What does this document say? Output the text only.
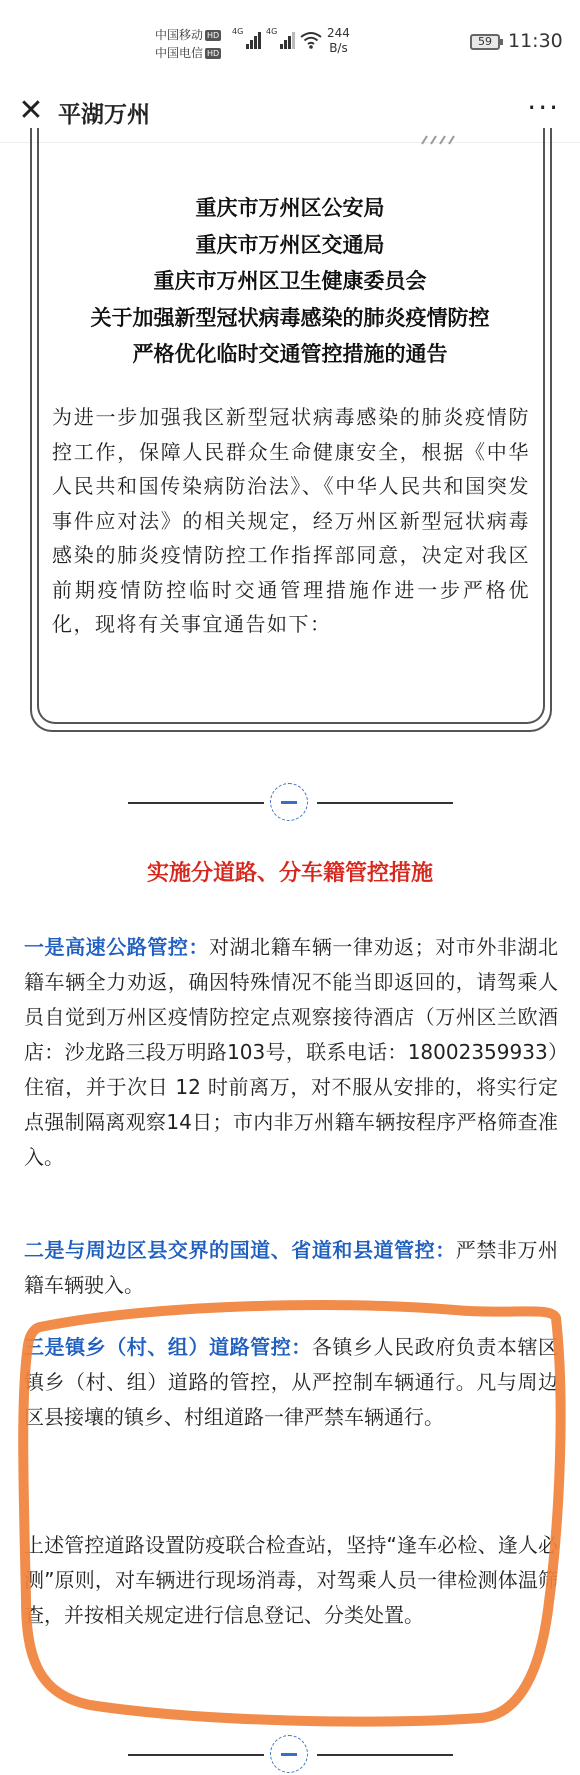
中国移动 HD
中国电信 HD
4G	4G	244
B/s	59 11:30
✕ 平湖万州	···
重庆市万州区公安局
重庆市万州区交通局
重庆市万州区卫生健康委员会
关于加强新型冠状病毒感染的肺炎疫情防控
严格优化临时交通管控措施的通告
为进一步加强我区新型冠状病毒感染的肺炎疫情防控工作，保障人民群众生命健康安全，根据《中华人民共和国传染病防治法》、《中华人民共和国突发事件应对法》的相关规定，经万州区新型冠状病毒感染的肺炎疫情防控工作指挥部同意，决定对我区前期疫情防控临时交通管理措施作进一步严格优化，现将有关事宜通告如下：
实施分道路、分车籍管控措施
一是高速公路管控：对湖北籍车辆一律劝返；对市外非湖北籍车辆全力劝返，确因特殊情况不能当即返回的，请驾乘人员自觉到万州区疫情防控定点观察接待酒店（万州区兰欧酒店：沙龙路三段万明路103号，联系电话：18002359933）住宿，并于次日 12 时前离万，对不服从安排的，将实行定点强制隔离观察14日；市内非万州籍车辆按程序严格筛查准入。
二是与周边区县交界的国道、省道和县道管控：严禁非万州籍车辆驶入。
三是镇乡（村、组）道路管控：各镇乡人民政府负责本辖区镇乡（村、组）道路的管控，从严控制车辆通行。凡与周边区县接壤的镇乡、村组道路一律严禁车辆通行。
上述管控道路设置防疫联合检查站，坚持“逢车必检、逢人必测”原则，对车辆进行现场消毒，对驾乘人员一律检测体温筛查，并按相关规定进行信息登记、分类处置。
